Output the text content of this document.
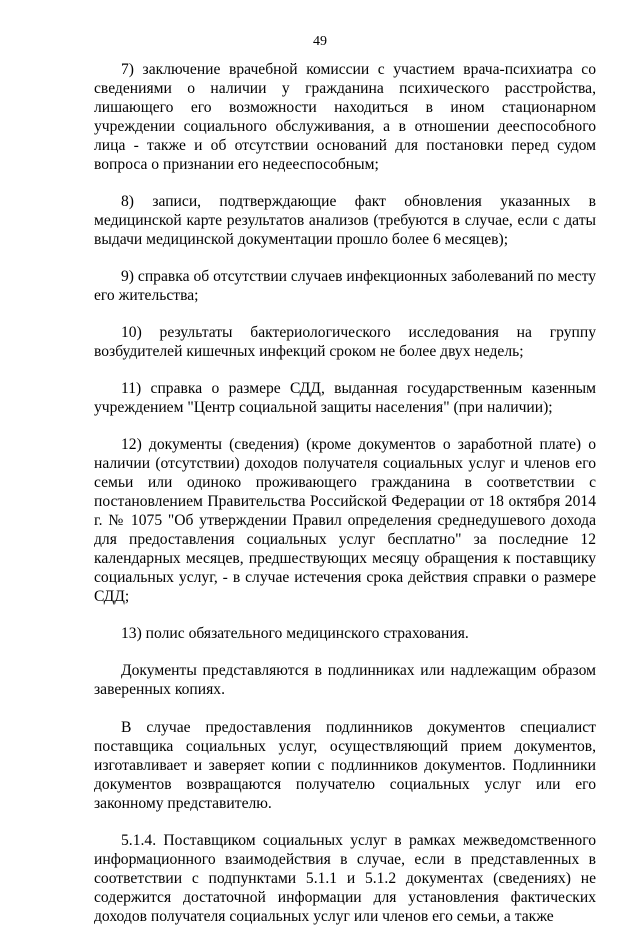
49

7) заключение врачебной комиссии с участием врача-психиатра со сведениями о наличии у гражданина психического расстройства, лишающего его возможности находиться в ином стационарном учреждении социального обслуживания, а в отношении дееспособного лица - также и об отсутствии оснований для постановки перед судом вопроса о признании его недееспособным;

8) записи, подтверждающие факт обновления указанных в медицинской карте результатов анализов (требуются в случае, если с даты выдачи медицинской документации прошло более 6 месяцев);

9) справка об отсутствии случаев инфекционных заболеваний по месту его жительства;

10) результаты бактериологического исследования на группу возбудителей кишечных инфекций сроком не более двух недель;

11) справка о размере СДД, выданная государственным казенным учреждением "Центр социальной защиты населения" (при наличии);

12) документы (сведения) (кроме документов о заработной плате) о наличии (отсутствии) доходов получателя социальных услуг и членов его семьи или одиноко проживающего гражданина в соответствии с постановлением Правительства Российской Федерации от 18 октября 2014 г. № 1075 "Об утверждении Правил определения среднедушевого дохода для предоставления социальных услуг бесплатно" за последние 12 календарных месяцев, предшествующих месяцу обращения к поставщику социальных услуг, - в случае истечения срока действия справки о размере СДД;

13) полис обязательного медицинского страхования.

Документы представляются в подлинниках или надлежащим образом заверенных копиях.

В случае предоставления подлинников документов специалист поставщика социальных услуг, осуществляющий прием документов, изготавливает и заверяет копии с подлинников документов. Подлинники документов возвращаются получателю социальных услуг или его законному представителю.

5.1.4. Поставщиком социальных услуг в рамках межведомственного информационного взаимодействия в случае, если в представленных в соответствии с подпунктами 5.1.1 и 5.1.2 документах (сведениях) не содержится достаточной информации для установления фактических доходов получателя социальных услуг или членов его семьи, а также
